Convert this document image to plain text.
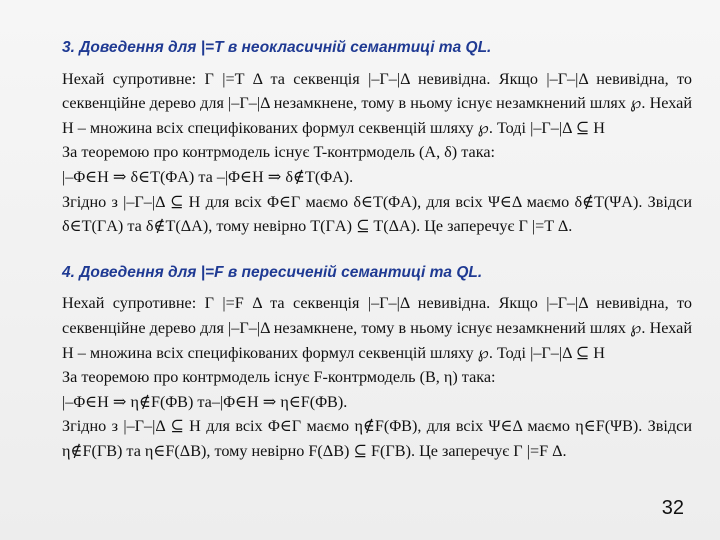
3. Доведення для |=T в неокласичній семантиці та QL.

Нехай супротивне: Γ |=T Δ та секвенція |–Γ–|Δ невивідна. Якщо |–Γ–|Δ невивідна, то секвенційне дерево для |–Γ–|Δ незамкнене, тому в ньому існує незамкнений шлях ℘. Нехай H – множина всіх специфікованих формул секвенцій шляху ℘. Тоді |–Γ–|Δ ⊆ H

За теоремою про контрмодель існує T-контрмодель (A, δ) така:

|–Φ∈H ⇒ δ∈T(ΦA) та –|Φ∈H ⇒ δ∉T(ΦA).

Згідно з |–Γ–|Δ ⊆ H для всіх Φ∈Γ маємо δ∈T(ΦA), для всіх Ψ∈Δ маємо δ∉T(ΨA). Звідси δ∈T(ΓA) та δ∉T(ΔA), тому невірно T(ΓA) ⊆ T(ΔA). Це заперечує Γ |=T Δ.

4. Доведення для |=F в пересиченій семантиці та QL.

Нехай супротивне: Γ |=F Δ та секвенція |–Γ–|Δ невивідна. Якщо |–Γ–|Δ невивідна, то секвенційне дерево для |–Γ–|Δ незамкнене, тому в ньому існує незамкнений шлях ℘. Нехай H – множина всіх специфікованих формул секвенцій шляху ℘. Тоді |–Γ–|Δ ⊆ H

За теоремою про контрмодель існує F-контрмодель (B, η) така:

|–Φ∈H ⇒ η∉F(ΦB) та–|Φ∈H ⇒ η∈F(ΦB).

Згідно з |–Γ–|Δ ⊆ H для всіх Φ∈Γ маємо η∉F(ΦB), для всіх Ψ∈Δ маємо η∈F(ΨB). Звідси η∉F(ΓB) та η∈F(ΔB), тому невірно F(ΔB) ⊆ F(ΓB). Це заперечує Γ |=F Δ.

32
